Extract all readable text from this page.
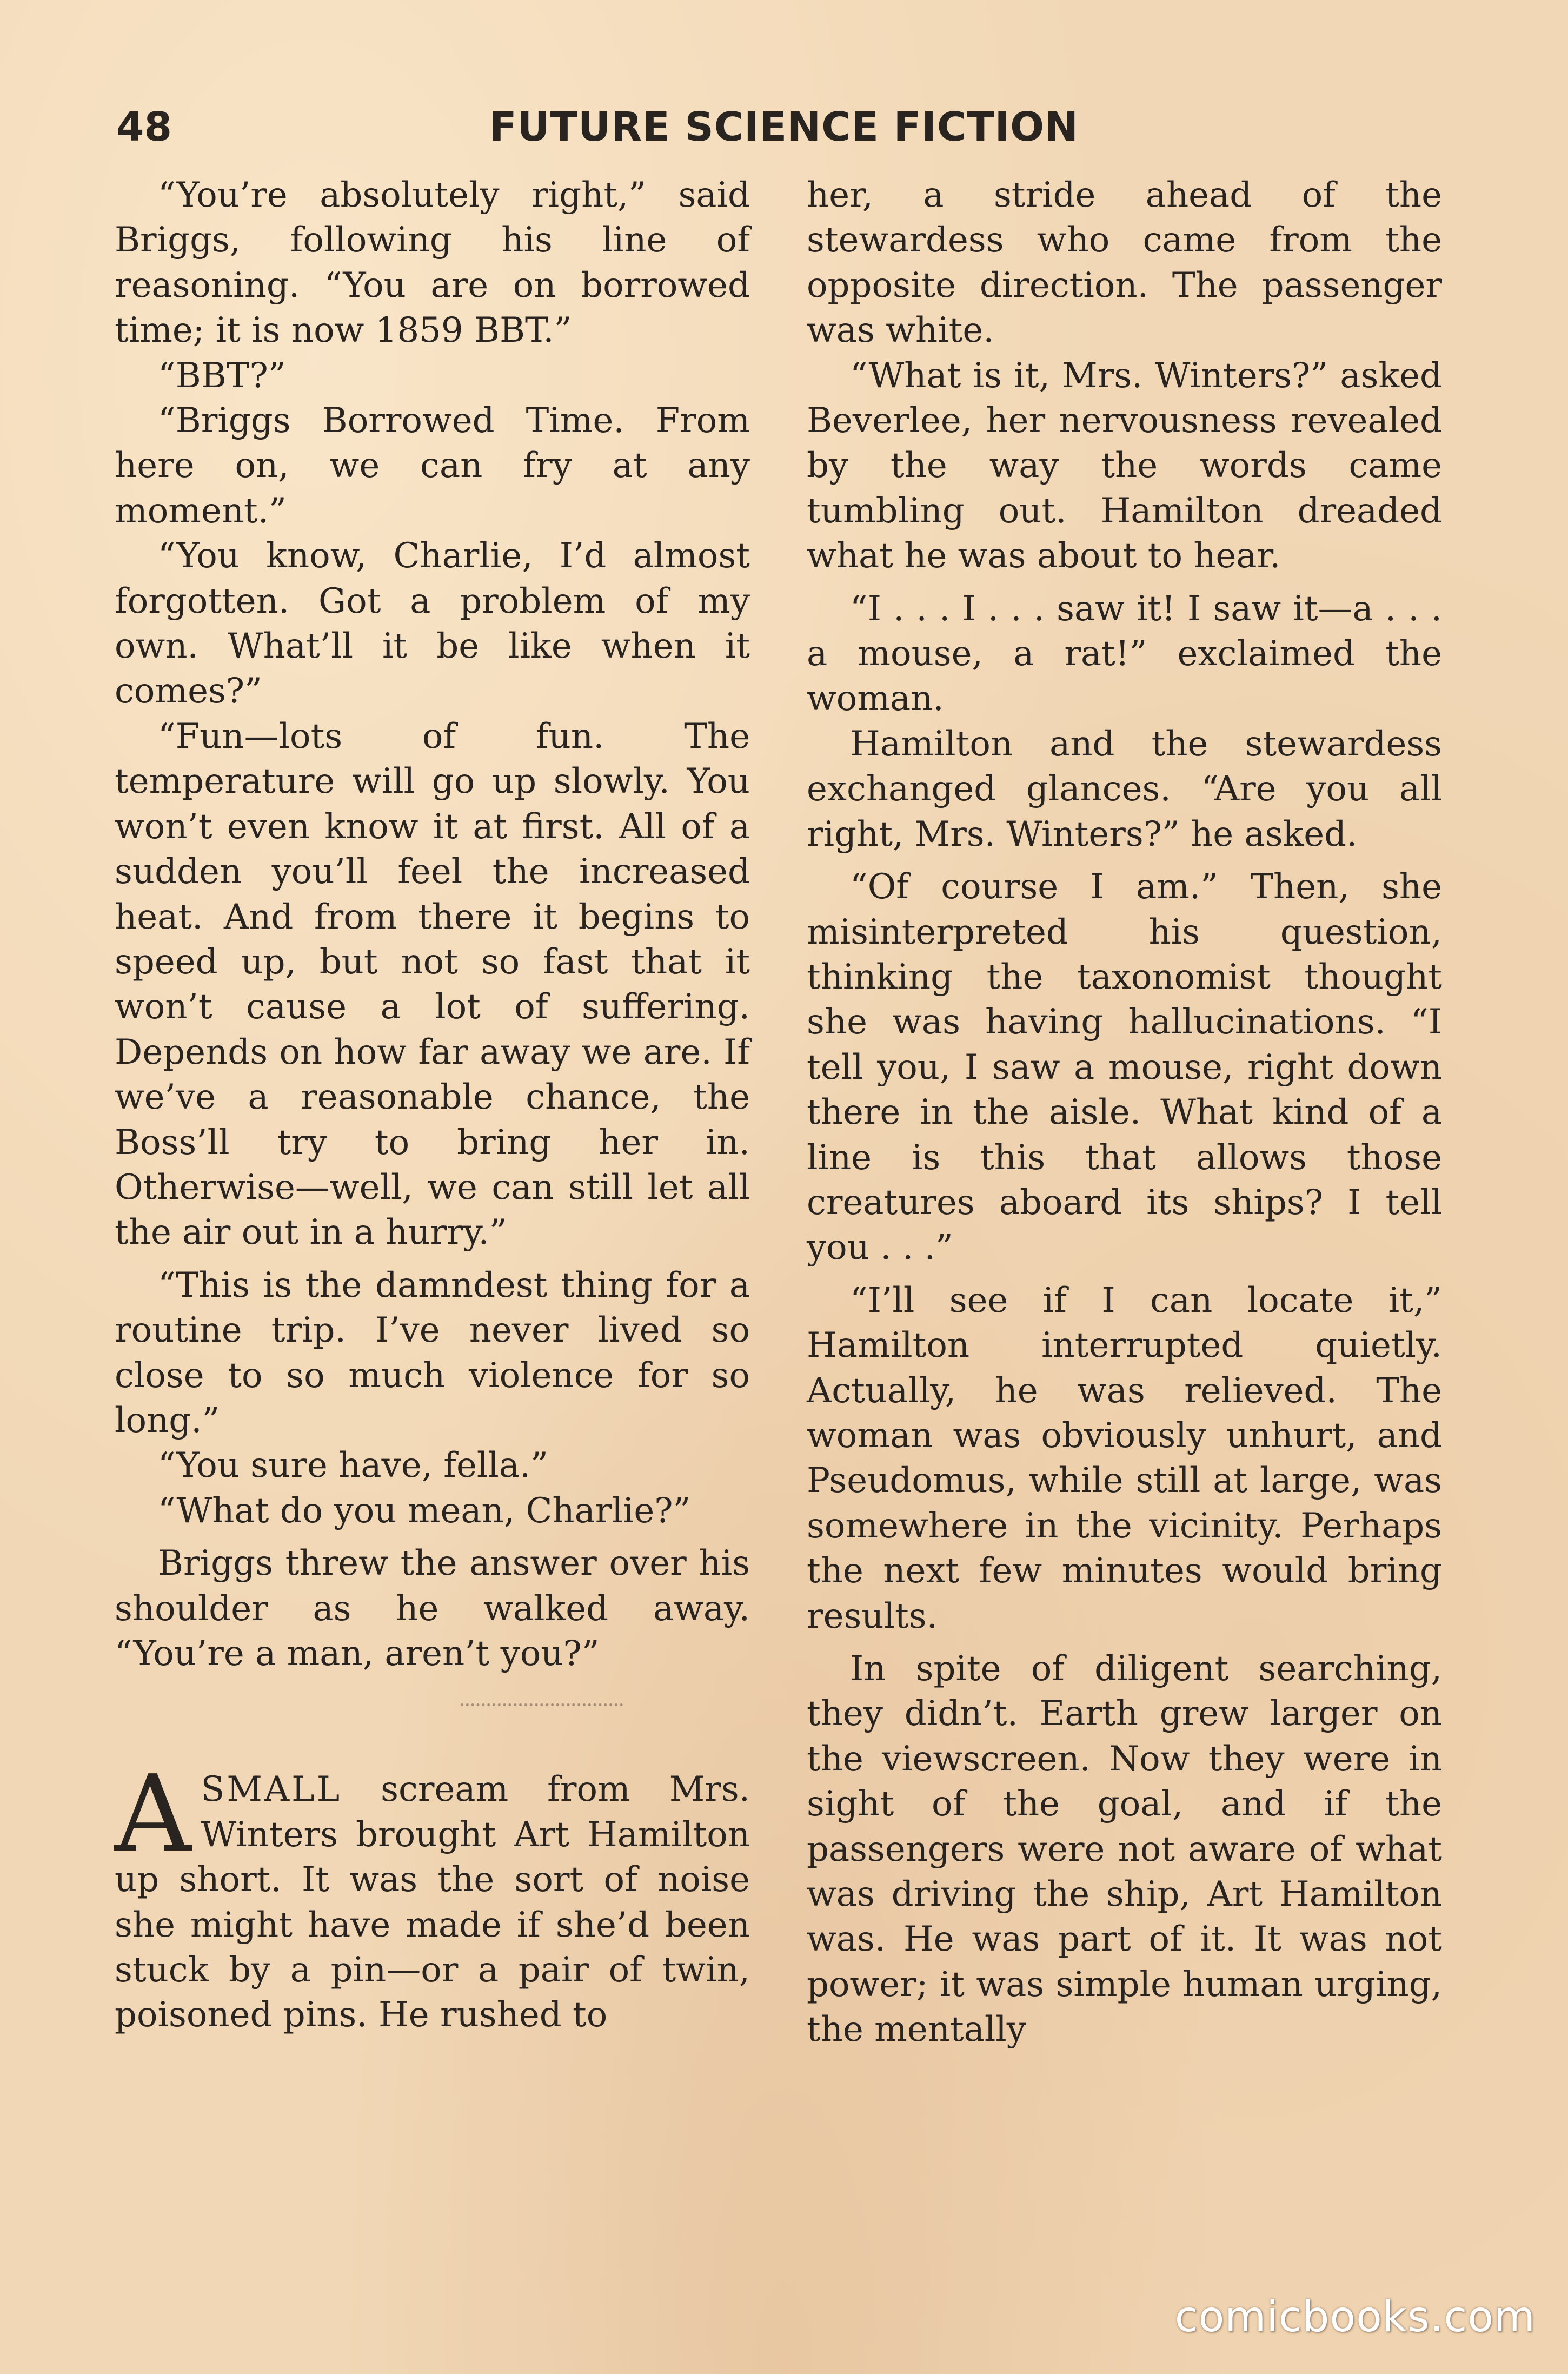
48	FUTURE SCIENCE FICTION

“You’re absolutely right,” said Briggs, following his line of reasoning. “You are on borrowed time; it is now 1859 BBT.”

“BBT?”

“Briggs Borrowed Time. From here on, we can fry at any moment.”

“You know, Charlie, I’d almost forgotten. Got a problem of my own. What’ll it be like when it comes?”

“Fun—lots of fun. The temperature will go up slowly. You won’t even know it at first. All of a sudden you’ll feel the increased heat. And from there it begins to speed up, but not so fast that it won’t cause a lot of suffering. Depends on how far away we are. If we’ve a reasonable chance, the Boss’ll try to bring her in. Otherwise—well, we can still let all the air out in a hurry.”

“This is the damndest thing for a routine trip. I’ve never lived so close to so much violence for so long.”

“You sure have, fella.”

“What do you mean, Charlie?”

Briggs threw the answer over his shoulder as he walked away. “You’re a man, aren’t you?”

ASMALL scream from Mrs. Winters brought Art Hamilton up short. It was the sort of noise she might have made if she’d been stuck by a pin—or a pair of twin, poisoned pins. He rushed to

her, a stride ahead of the stewardess who came from the opposite direction. The passenger was white.

“What is it, Mrs. Winters?” asked Beverlee, her nervousness revealed by the way the words came tumbling out. Hamilton dreaded what he was about to hear.

“I . . . I . . . saw it! I saw it—a . . . a mouse, a rat!” exclaimed the woman.

Hamilton and the stewardess exchanged glances. “Are you all right, Mrs. Winters?” he asked.

“Of course I am.” Then, she misinterpreted his question, thinking the taxonomist thought she was having hallucinations. “I tell you, I saw a mouse, right down there in the aisle. What kind of a line is this that allows those creatures aboard its ships? I tell you . . .”

“I’ll see if I can locate it,” Hamilton interrupted quietly. Actually, he was relieved. The woman was obviously unhurt, and Pseudomus, while still at large, was somewhere in the vicinity. Perhaps the next few minutes would bring results.

In spite of diligent searching, they didn’t. Earth grew larger on the viewscreen. Now they were in sight of the goal, and if the passengers were not aware of what was driving the ship, Art Hamilton was. He was part of it. It was not power; it was simple human urging, the mentally

comicbooks.com
